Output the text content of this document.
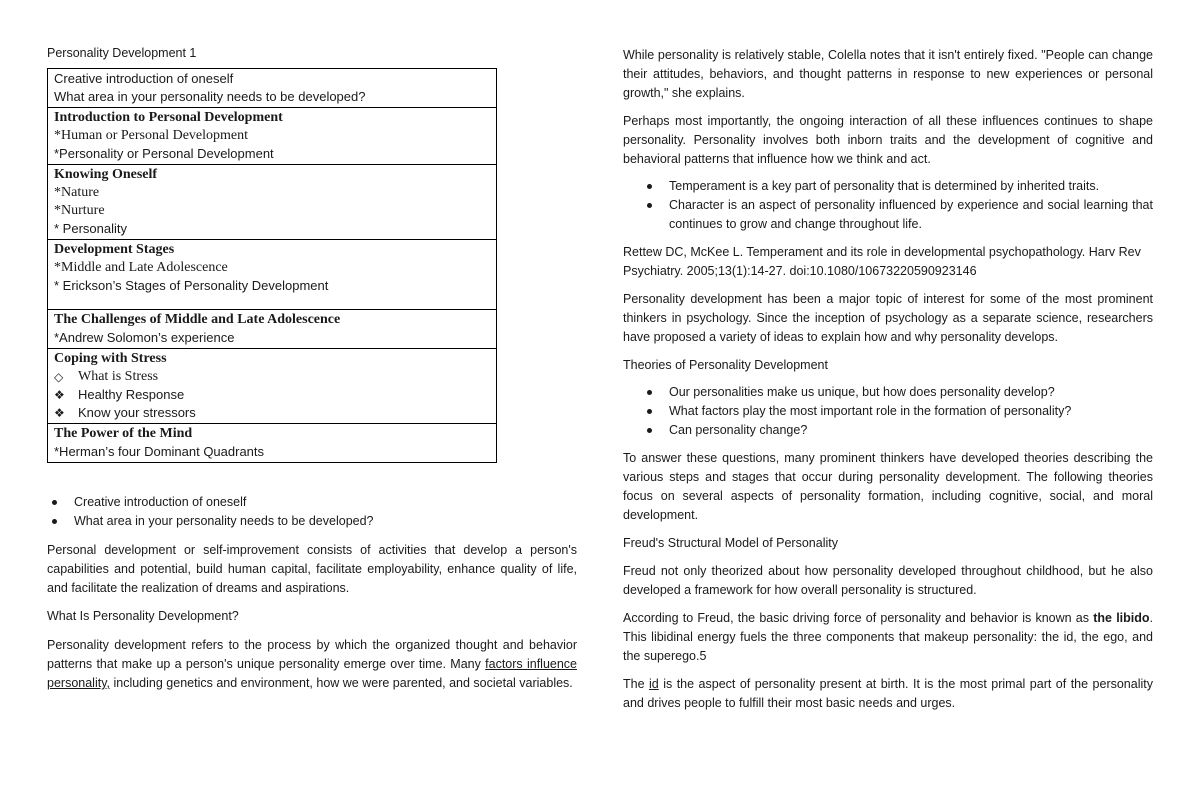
Personality Development 1
Creative introduction of oneself
What area in your personality needs to be developed?

Introduction to Personal Development
*Human or Personal Development
*Personality or Personal Development

Knowing Oneself
*Nature
*Nurture
* Personality

Development Stages
*Middle and Late Adolescence
* Erickson’s Stages of Personality Development

The Challenges of Middle and Late Adolescence
*Andrew Solomon’s experience

Coping with Stress
◇	What is Stress
❖	Healthy Response
❖	Know your stressors

The Power of the Mind
*Herman’s four Dominant Quadrants
Creative introduction of oneself
What area in your personality needs to be developed?

Personal development or self-improvement consists of activities that develop a person's capabilities and potential, build human capital, facilitate employability, enhance quality of life, and facilitate the realization of dreams and aspirations.

What Is Personality Development?

Personality development refers to the process by which the organized thought and behavior patterns that make up a person's unique personality emerge over time. Many factors influence personality, including genetics and environment, how we were parented, and societal variables.

While personality is relatively stable, Colella notes that it isn't entirely fixed. "People can change their attitudes, behaviors, and thought patterns in response to new experiences or personal growth," she explains.

Perhaps most importantly, the ongoing interaction of all these influences continues to shape personality. Personality involves both inborn traits and the development of cognitive and behavioral patterns that influence how we think and act.

Temperament is a key part of personality that is determined by inherited traits.

Character is an aspect of personality influenced by experience and social learning that continues to grow and change throughout life.

Rettew DC, McKee L. Temperament and its role in developmental psychopathology. Harv Rev Psychiatry. 2005;13(1):14-27. doi:10.1080/10673220590923146

Personality development has been a major topic of interest for some of the most prominent thinkers in psychology. Since the inception of psychology as a separate science, researchers have proposed a variety of ideas to explain how and why personality develops.

Theories of Personality Development

Our personalities make us unique, but how does personality develop?
What factors play the most important role in the formation of personality?
Can personality change?

To answer these questions, many prominent thinkers have developed theories describing the various steps and stages that occur during personality development. The following theories focus on several aspects of personality formation, including cognitive, social, and moral development.

Freud's Structural Model of Personality

Freud not only theorized about how personality developed throughout childhood, but he also developed a framework for how overall personality is structured.

According to Freud, the basic driving force of personality and behavior is known as the libido. This libidinal energy fuels the three components that makeup personality: the id, the ego, and the superego.5

The id is the aspect of personality present at birth. It is the most primal part of the personality and drives people to fulfill their most basic needs and urges.
